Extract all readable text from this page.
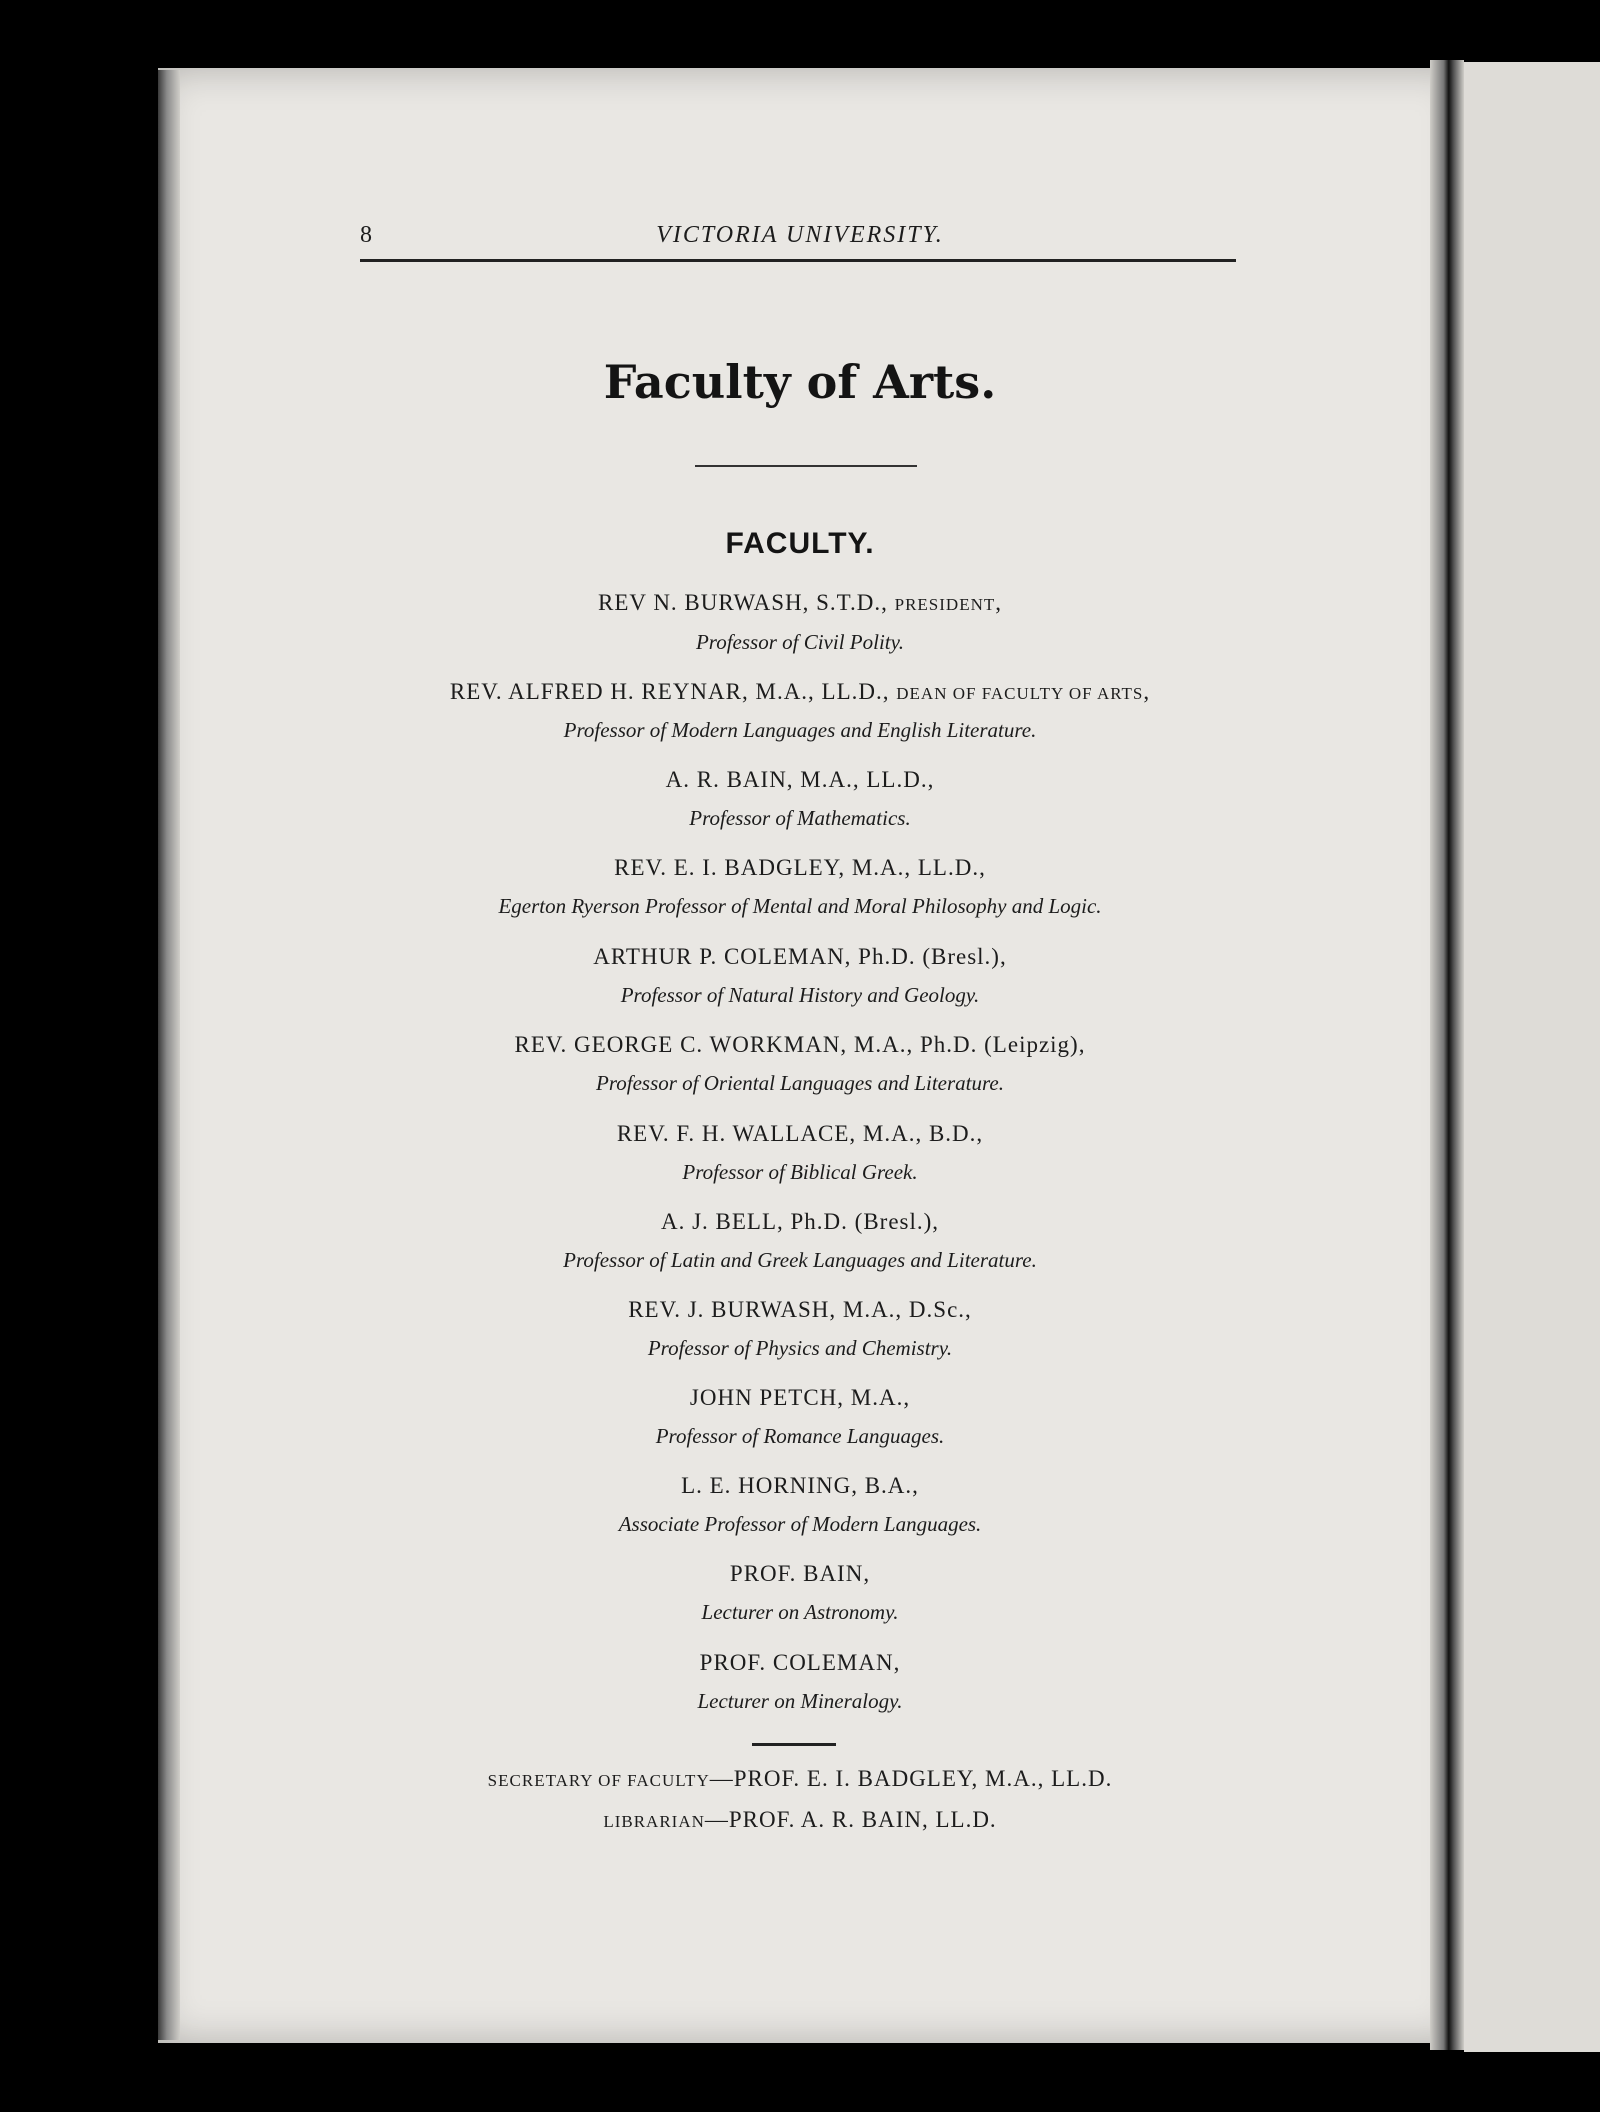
8	VICTORIA UNIVERSITY.
Faculty of Arts.
FACULTY.
REV N. BURWASH, S.T.D., PRESIDENT,
Professor of Civil Polity.
REV. ALFRED H. REYNAR, M.A., LL.D., DEAN OF FACULTY OF ARTS,
Professor of Modern Languages and English Literature.
A. R. BAIN, M.A., LL.D.,
Professor of Mathematics.
REV. E. I. BADGLEY, M.A., LL.D.,
Egerton Ryerson Professor of Mental and Moral Philosophy and Logic.
ARTHUR P. COLEMAN, Ph.D. (Bresl.),
Professor of Natural History and Geology.
REV. GEORGE C. WORKMAN, M.A., Ph.D. (Leipzig),
Professor of Oriental Languages and Literature.
REV. F. H. WALLACE, M.A., B.D.,
Professor of Biblical Greek.
A. J. BELL, Ph.D. (Bresl.),
Professor of Latin and Greek Languages and Literature.
REV. J. BURWASH, M.A., D.Sc.,
Professor of Physics and Chemistry.
JOHN PETCH, M.A.,
Professor of Romance Languages.
L. E. HORNING, B.A.,
Associate Professor of Modern Languages.
PROF. BAIN,
Lecturer on Astronomy.
PROF. COLEMAN,
Lecturer on Mineralogy.
SECRETARY OF FACULTY—PROF. E. I. BADGLEY, M.A., LL.D.
LIBRARIAN—PROF. A. R. BAIN, LL.D.
